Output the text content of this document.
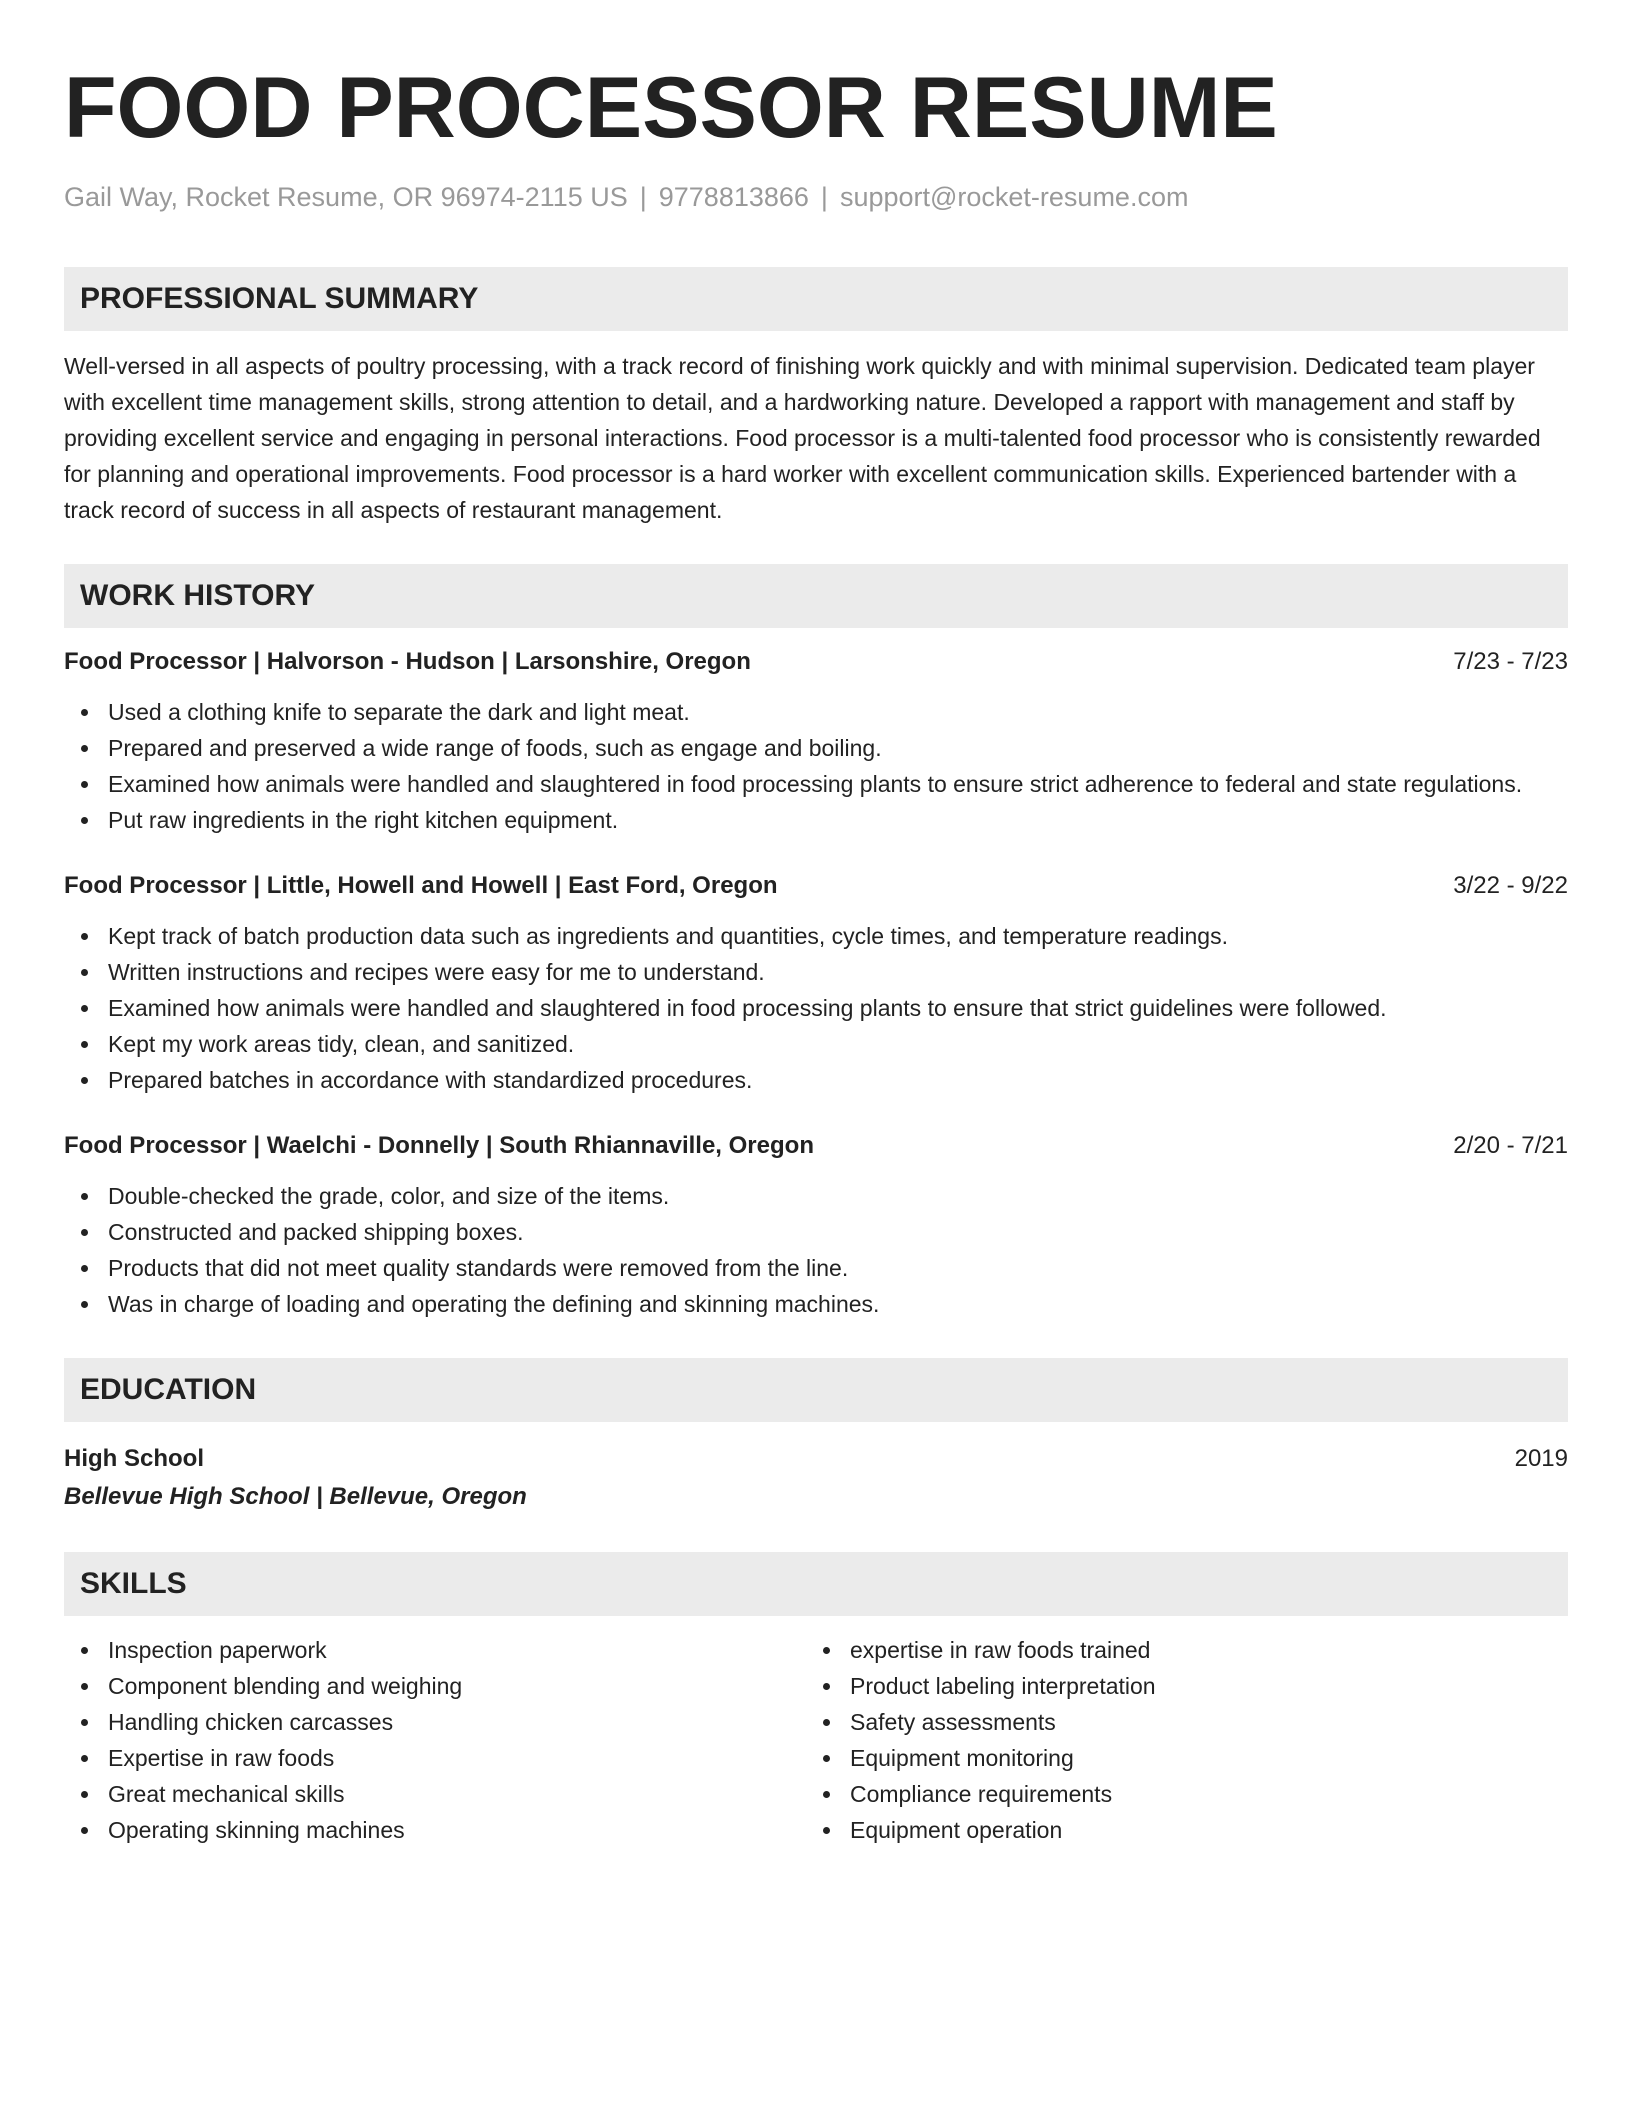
FOOD PROCESSOR RESUME
Gail Way, Rocket Resume, OR 96974-2115 US | 9778813866 | support@rocket-resume.com
PROFESSIONAL SUMMARY
Well-versed in all aspects of poultry processing, with a track record of finishing work quickly and with minimal supervision. Dedicated team player with excellent time management skills, strong attention to detail, and a hardworking nature. Developed a rapport with management and staff by providing excellent service and engaging in personal interactions. Food processor is a multi-talented food processor who is consistently rewarded for planning and operational improvements. Food processor is a hard worker with excellent communication skills. Experienced bartender with a track record of success in all aspects of restaurant management.
WORK HISTORY
Food Processor | Halvorson - Hudson | Larsonshire, Oregon	7/23 - 7/23
Used a clothing knife to separate the dark and light meat.
Prepared and preserved a wide range of foods, such as engage and boiling.
Examined how animals were handled and slaughtered in food processing plants to ensure strict adherence to federal and state regulations.
Put raw ingredients in the right kitchen equipment.
Food Processor | Little, Howell and Howell | East Ford, Oregon	3/22 - 9/22
Kept track of batch production data such as ingredients and quantities, cycle times, and temperature readings.
Written instructions and recipes were easy for me to understand.
Examined how animals were handled and slaughtered in food processing plants to ensure that strict guidelines were followed.
Kept my work areas tidy, clean, and sanitized.
Prepared batches in accordance with standardized procedures.
Food Processor | Waelchi - Donnelly | South Rhiannaville, Oregon	2/20 - 7/21
Double-checked the grade, color, and size of the items.
Constructed and packed shipping boxes.
Products that did not meet quality standards were removed from the line.
Was in charge of loading and operating the defining and skinning machines.
EDUCATION
High School	2019
Bellevue High School | Bellevue, Oregon
SKILLS
Inspection paperwork
Component blending and weighing
Handling chicken carcasses
Expertise in raw foods
Great mechanical skills
Operating skinning machines
expertise in raw foods trained
Product labeling interpretation
Safety assessments
Equipment monitoring
Compliance requirements
Equipment operation
